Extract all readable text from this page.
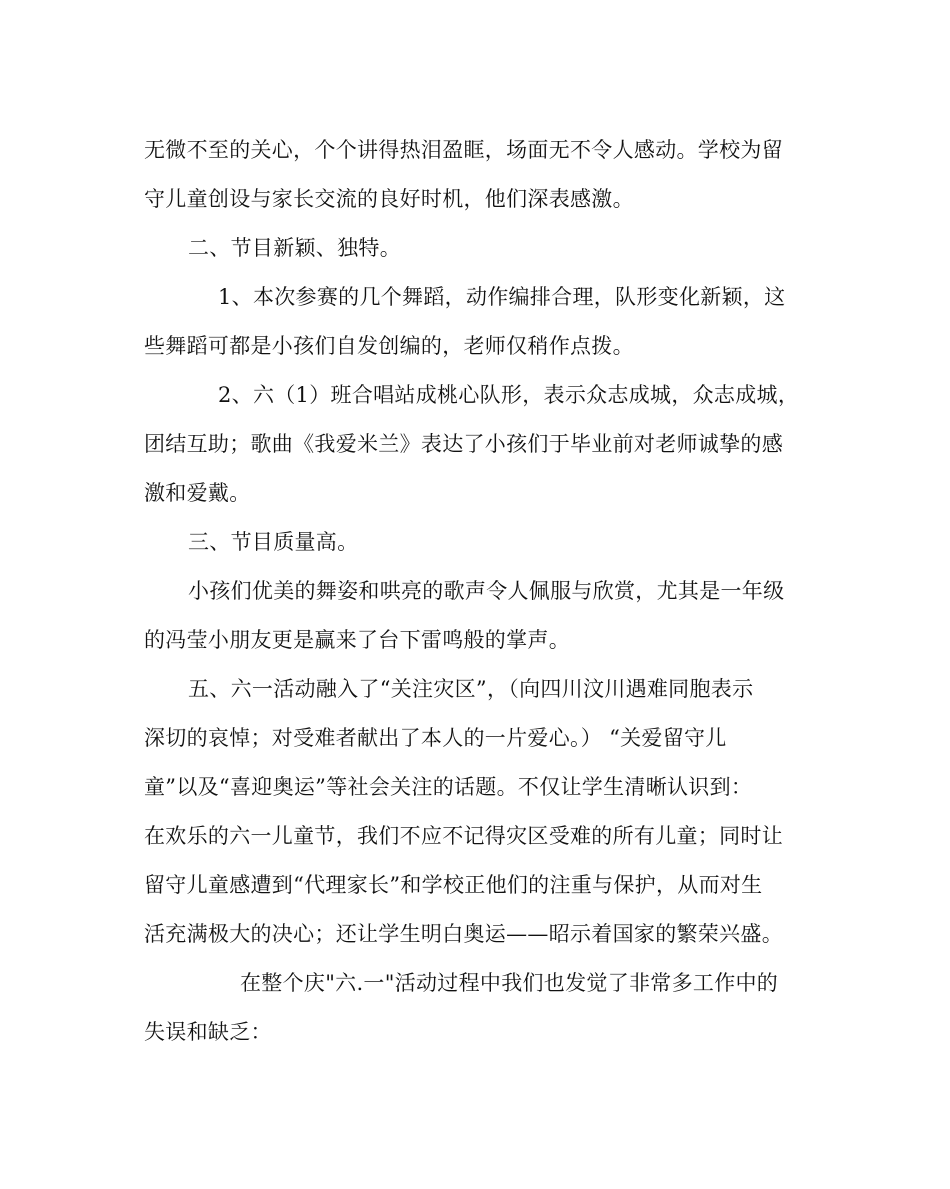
无微不至的关心，个个讲得热泪盈眶，场面无不令人感动。学校为留
守儿童创设与家长交流的良好时机，他们深表感激。

二、节目新颖、独特。

1、本次参赛的几个舞蹈，动作编排合理，队形变化新颖，这
些舞蹈可都是小孩们自发创编的，老师仅稍作点拨。

2、六（1）班合唱站成桃心队形，表示众志成城，众志成城，
团结互助；歌曲《我爱米兰》表达了小孩们于毕业前对老师诚挚的感
激和爱戴。

三、节目质量高。

小孩们优美的舞姿和哄亮的歌声令人佩服与欣赏，尤其是一年级
的冯莹小朋友更是赢来了台下雷鸣般的掌声。

五、六一活动融入了“关注灾区”，（向四川汶川遇难同胞表示
深切的哀悼；对受难者献出了本人的一片爱心。） “关爱留守儿
童”以及“喜迎奥运”等社会关注的话题。不仅让学生清晰认识到：
在欢乐的六一儿童节，我们不应不记得灾区受难的所有儿童；同时让
留守儿童感遭到“代理家长”和学校正他们的注重与保护，从而对生
活充满极大的决心；还让学生明白奥运——昭示着国家的繁荣兴盛。

在整个庆"六.一"活动过程中我们也发觉了非常多工作中的
失误和缺乏：
